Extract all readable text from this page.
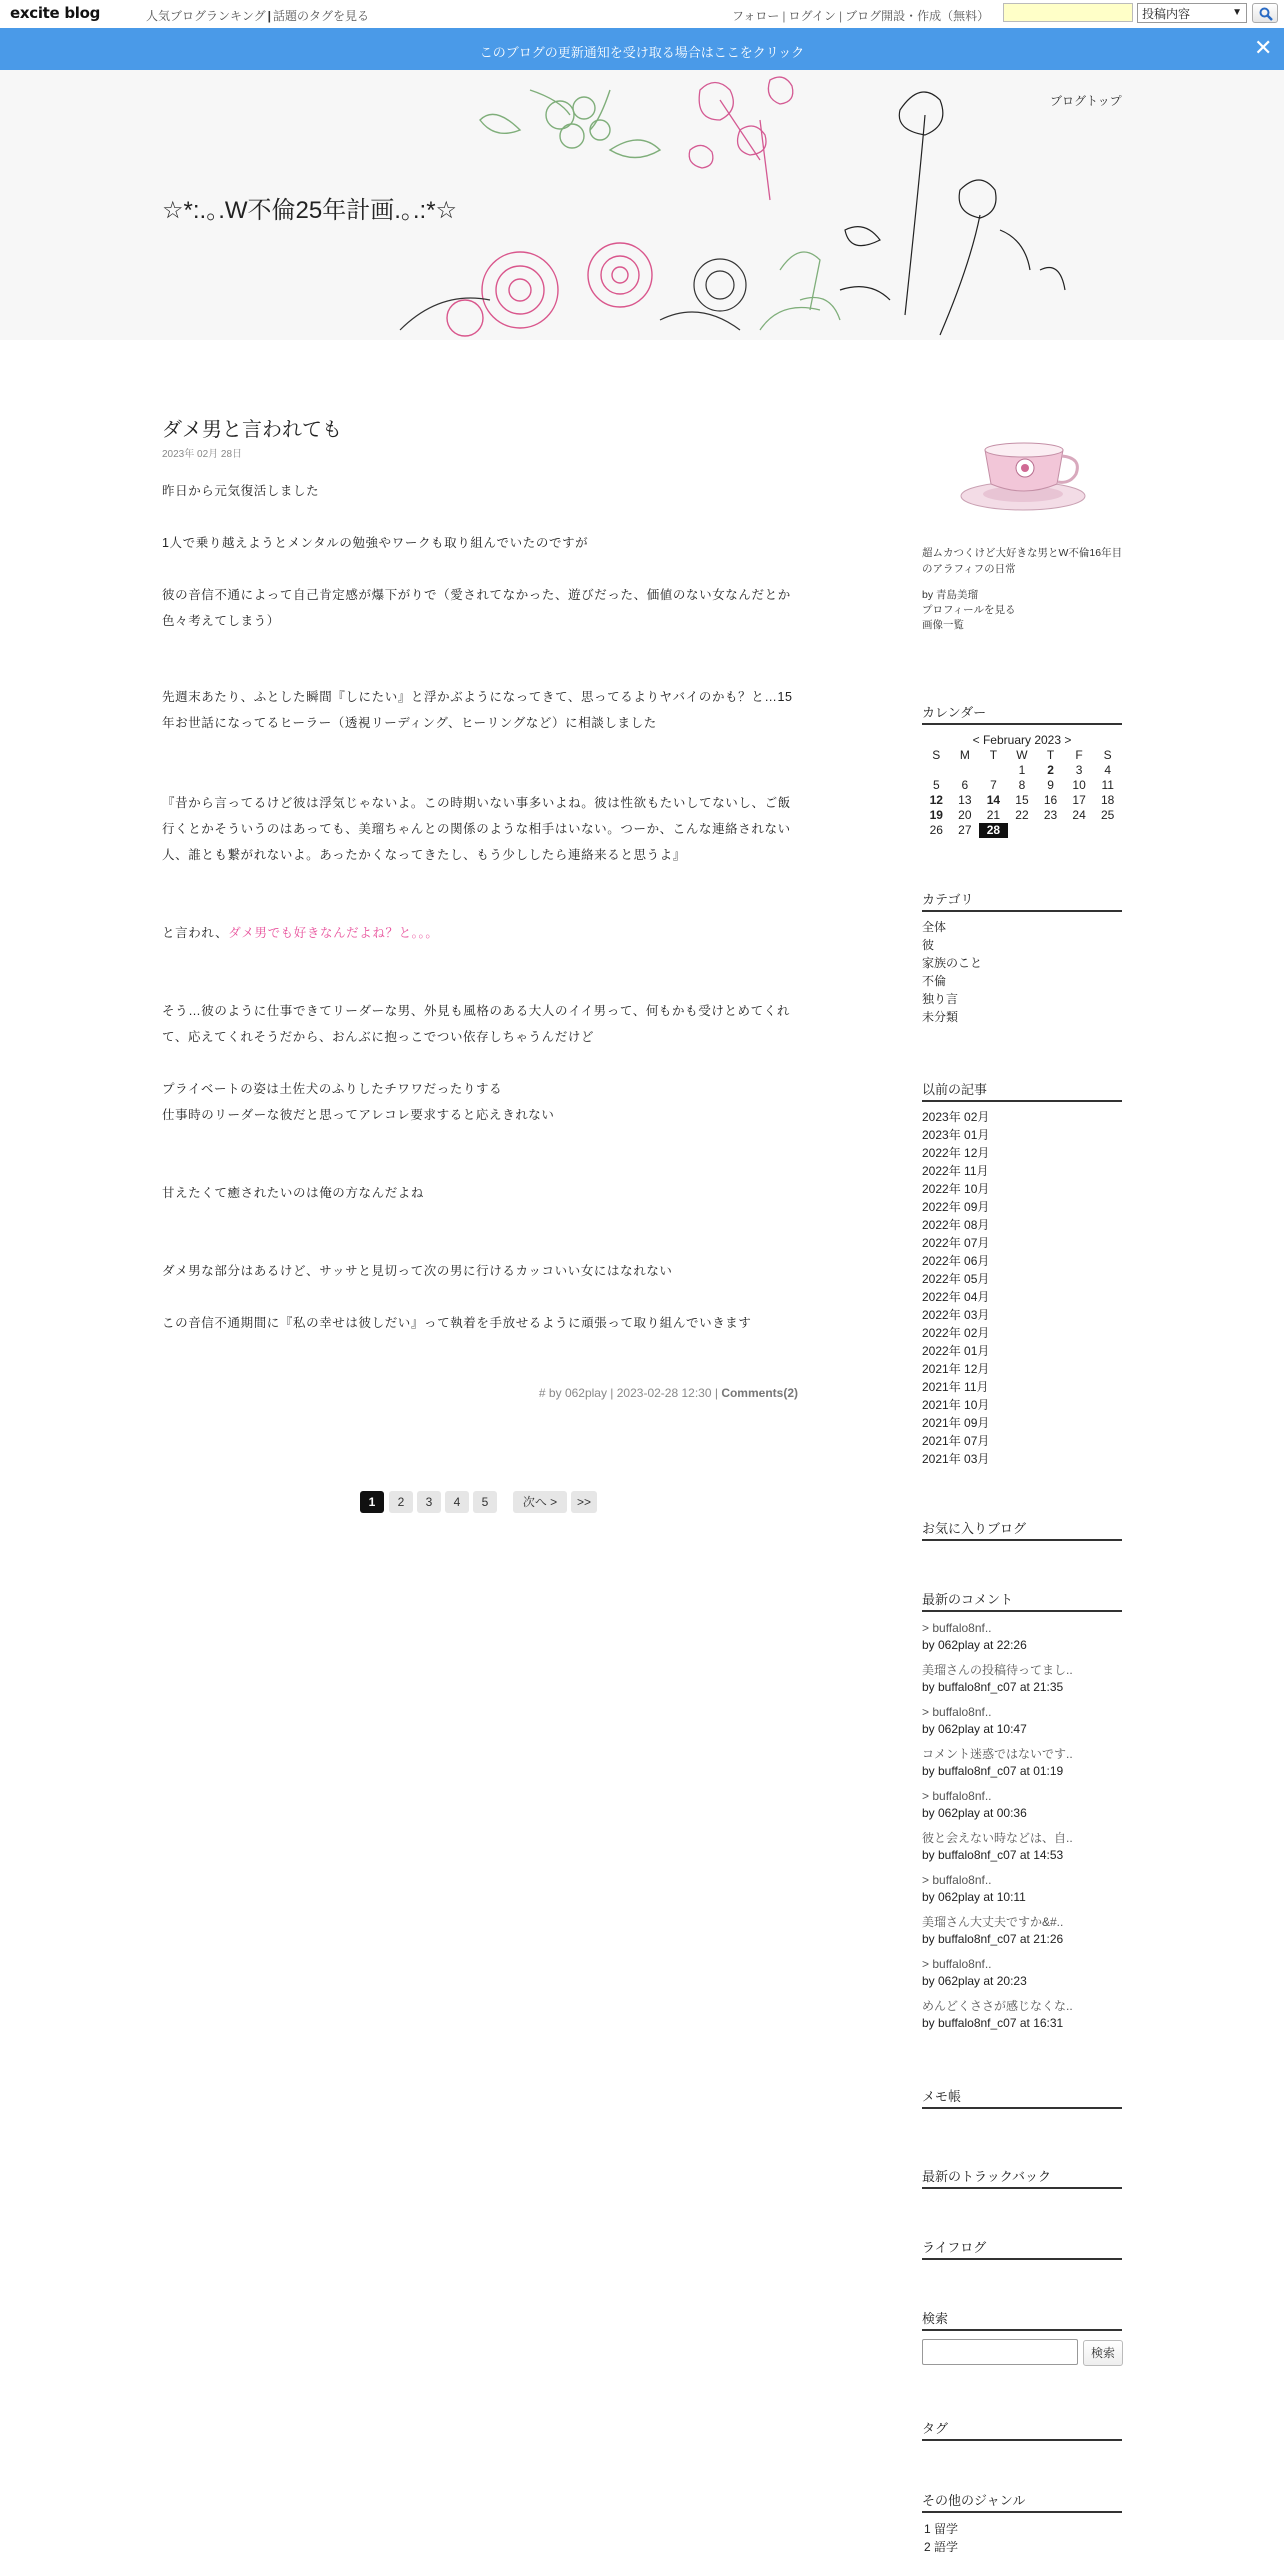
excite blog	人気ブログランキング | 話題のタグを見る	フォロー | ログイン | ブログ開設・作成（無料）	投稿内容	▼
このブログの更新通知を受け取る場合はここをクリック	✕
☆*:.｡.W不倫25年計画.｡.:*☆
ブログトップ
ダメ男と言われても
2023年 02月 28日
昨日から元気復活しました
1人で乗り越えようとメンタルの勉強やワークも取り組んでいたのですが
彼の音信不通によって自己肯定感が爆下がりで（愛されてなかった、遊びだった、価値のない女なんだとか色々考えてしまう）
先週末あたり、ふとした瞬間『しにたい』と浮かぶようになってきて、思ってるよりヤバイのかも？と…15年お世話になってるヒーラー（透視リーディング、ヒーリングなど）に相談しました
『昔から言ってるけど彼は浮気じゃないよ。この時期いない事多いよね。彼は性欲もたいしてないし、ご飯行くとかそういうのはあっても、美瑠ちゃんとの関係のような相手はいない。つーか、こんな連絡されない人、誰とも繋がれないよ。あったかくなってきたし、もう少ししたら連絡来ると思うよ』
と言われ、ダメ男でも好きなんだよね？と。。。
そう…彼のように仕事できてリーダーな男、外見も風格のある大人のイイ男って、何もかも受けとめてくれて、応えてくれそうだから、おんぶに抱っこでつい依存しちゃうんだけど
プライベートの姿は土佐犬のふりしたチワワだったりする
仕事時のリーダーな彼だと思ってアレコレ要求すると応えきれない
甘えたくて癒されたいのは俺の方なんだよね
ダメ男な部分はあるけど、サッサと見切って次の男に行けるカッコいい女にはなれない
この音信不通期間に『私の幸せは彼しだい』って執着を手放せるように頑張って取り組んでいきます
# by 062play | 2023-02-28 12:30 | Comments(2)
1	2	3	4	5	次へ >	>>
超ムカつくけど大好きな男とW不倫16年目のアラフィフの日常
by 青島美瑠
プロフィールを見る
画像一覧
カレンダー
< February 2023 >
S	M	T	W	T	F	S
			1	2	3	4
5	6	7	8	9	10	11
12	13	14	15	16	17	18
19	20	21	22	23	24	25
26	27	28				
カテゴリ
全体
彼
家族のこと
不倫
独り言
未分類
以前の記事
2023年 02月
2023年 01月
2022年 12月
2022年 11月
2022年 10月
2022年 09月
2022年 08月
2022年 07月
2022年 06月
2022年 05月
2022年 04月
2022年 03月
2022年 02月
2022年 01月
2021年 12月
2021年 11月
2021年 10月
2021年 09月
2021年 07月
2021年 03月
お気に入りブログ
最新のコメント
> buffalo8nf..
by 062play at 22:26
美瑠さんの投稿待ってまし..
by buffalo8nf_c07 at 21:35
> buffalo8nf..
by 062play at 10:47
コメント迷惑ではないです..
by buffalo8nf_c07 at 01:19
> buffalo8nf..
by 062play at 00:36
彼と会えない時などは、自..
by buffalo8nf_c07 at 14:53
> buffalo8nf..
by 062play at 10:11
美瑠さん大丈夫ですか&#..
by buffalo8nf_c07 at 21:26
> buffalo8nf..
by 062play at 20:23
めんどくささが感じなくな..
by buffalo8nf_c07 at 16:31
メモ帳
最新のトラックバック
ライフログ
検索
検索
タグ
その他のジャンル
1 留学
2 語学
